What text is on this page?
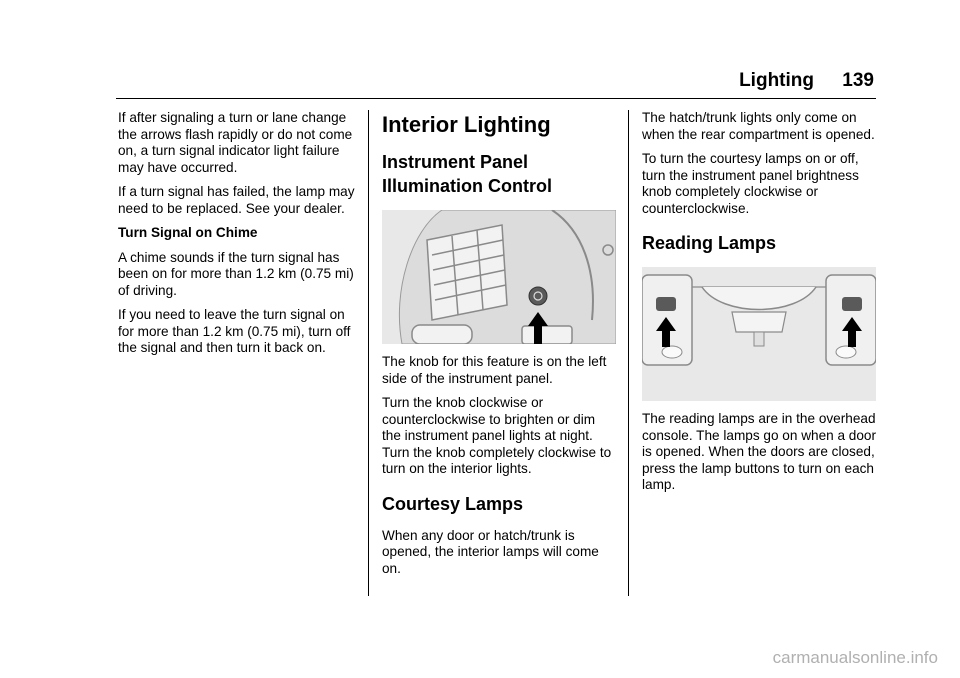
Lighting 139

If after signaling a turn or lane change the arrows flash rapidly or do not come on, a turn signal indicator light failure may have occurred.

If a turn signal has failed, the lamp may need to be replaced. See your dealer.

Turn Signal on Chime

A chime sounds if the turn signal has been on for more than 1.2 km (0.75 mi) of driving.

If you need to leave the turn signal on for more than 1.2 km (0.75 mi), turn off the signal and then turn it back on.

Interior Lighting
Instrument Panel Illumination Control

The knob for this feature is on the left side of the instrument panel.

Turn the knob clockwise or counterclockwise to brighten or dim the instrument panel lights at night. Turn the knob completely clockwise to turn on the interior lights.

Courtesy Lamps

When any door or hatch/trunk is opened, the interior lamps will come on.

The hatch/trunk lights only come on when the rear compartment is opened.

To turn the courtesy lamps on or off, turn the instrument panel brightness knob completely clockwise or counterclockwise.

Reading Lamps

The reading lamps are in the overhead console. The lamps go on when a door is opened. When the doors are closed, press the lamp buttons to turn on each lamp.

carmanualsonline.info
